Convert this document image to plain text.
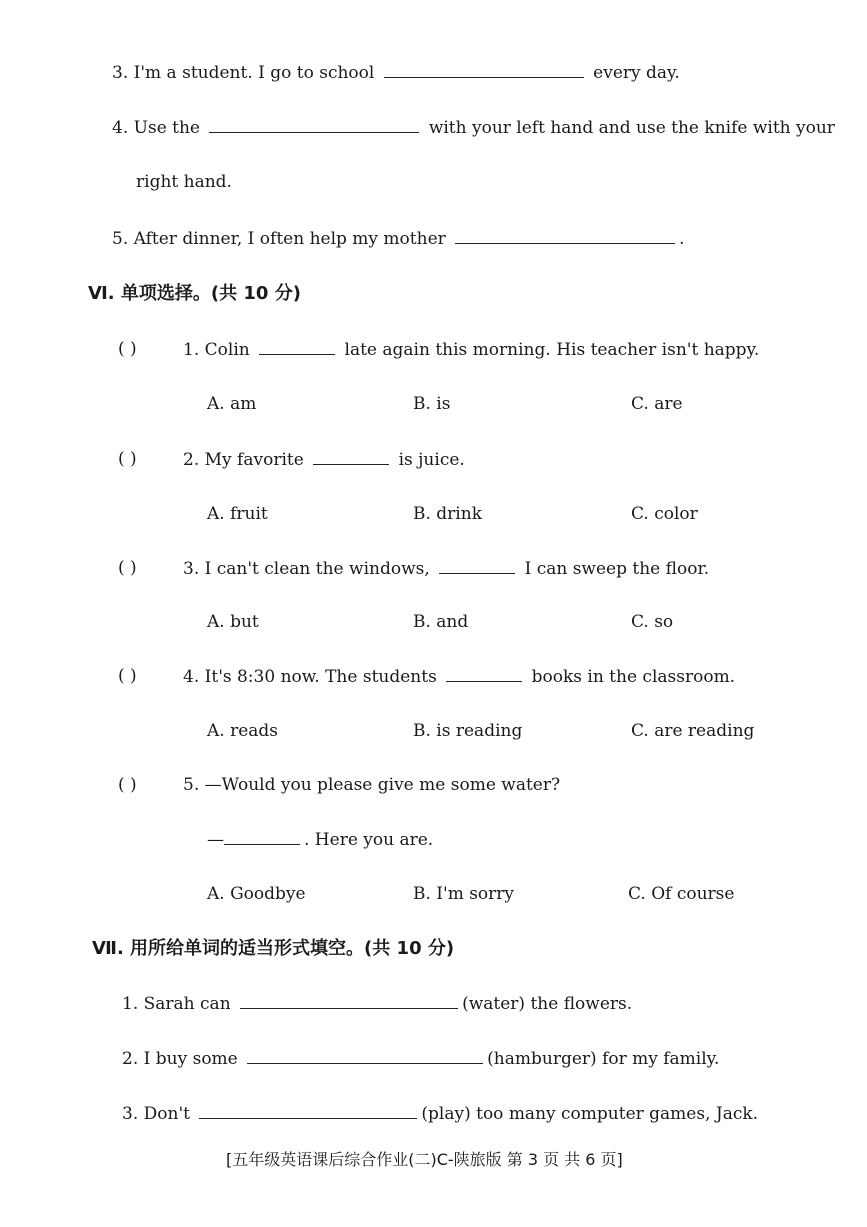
3. I'm a student. I go to school	every day.
4. Use the	with your left hand and use the knife with your
right hand.
5. After dinner, I often help my mother	.
Ⅵ. 单项选择。(共 10 分)
( )	1. Colin	late again this morning. His teacher isn't happy.
A. am	B. is	C. are
( )	2. My favorite	is juice.
A. fruit	B. drink	C. color
( )	3. I can't clean the windows,	I can sweep the floor.
A. but	B. and	C. so
( )	4. It's 8:30 now. The students	books in the classroom.
A. reads	B. is reading	C. are reading
( )	5. —Would you please give me some water?
—	. Here you are.
A. Goodbye	B. I'm sorry	C. Of course
Ⅶ. 用所给单词的适当形式填空。(共 10 分)
1. Sarah can	(water) the flowers.
2. I buy some	(hamburger) for my family.
3. Don't	(play) too many computer games, Jack.
[五年级英语课后综合作业(二)C-陕旅版 第 3 页 共 6 页]
